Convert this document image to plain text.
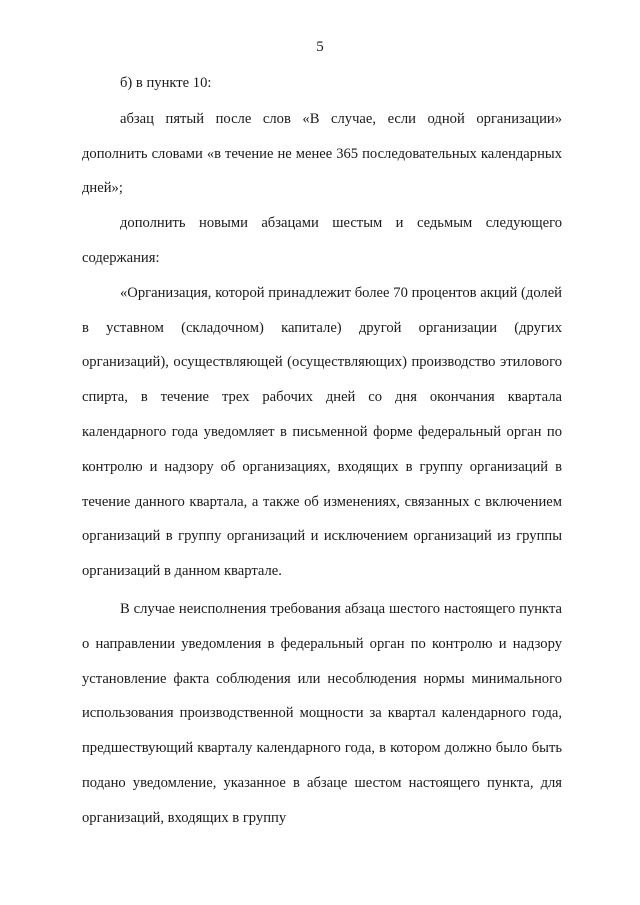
5

б) в пункте 10:

абзац пятый после слов «В случае, если одной организации» дополнить словами «в течение не менее 365 последовательных календарных дней»;

дополнить новыми абзацами шестым и седьмым следующего содержания:

«Организация, которой принадлежит более 70 процентов акций (долей в уставном (складочном) капитале) другой организации (других организаций), осуществляющей (осуществляющих) производство этилового спирта, в течение трех рабочих дней со дня окончания квартала календарного года уведомляет в письменной форме федеральный орган по контролю и надзору об организациях, входящих в группу организаций в течение данного квартала, а также об изменениях, связанных с включением организаций в группу организаций и исключением организаций из группы организаций в данном квартале.

В случае неисполнения требования абзаца шестого настоящего пункта о направлении уведомления в федеральный орган по контролю и надзору установление факта соблюдения или несоблюдения нормы минимального использования производственной мощности за квартал календарного года, предшествующий кварталу календарного года, в котором должно было быть подано уведомление, указанное в абзаце шестом настоящего пункта, для организаций, входящих в группу
